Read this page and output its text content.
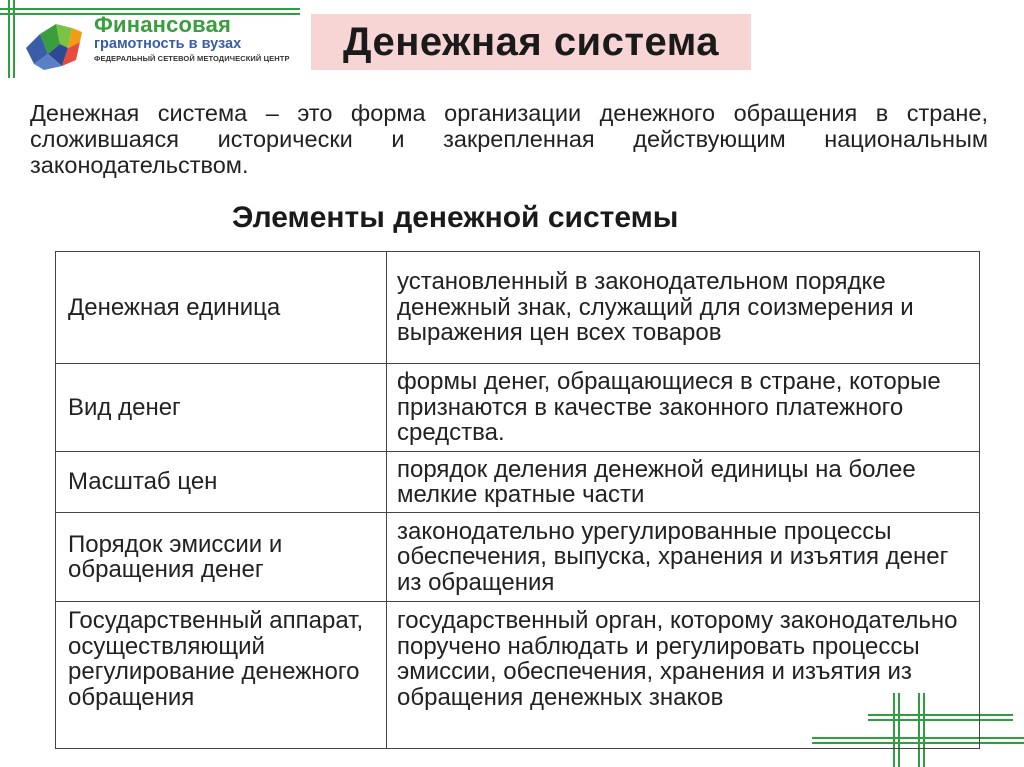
Финансовая
грамотность в вузах
ФЕДЕРАЛЬНЫЙ СЕТЕВОЙ МЕТОДИЧЕСКИЙ ЦЕНТР Денежная система
Денежная система – это форма организации денежного обращения в стране, сложившаяся исторически и закрепленная действующим национальным законодательством.
Элементы денежной системы
Денежная единица	установленный в законодательном порядке денежный знак, служащий для соизмерения и выражения цен всех товаров
Вид денег	формы денег, обращающиеся в стране, которые признаются в качестве законного платежного средства.
Масштаб цен	порядок деления денежной единицы на более мелкие кратные части
Порядок эмиссии и обращения денег	законодательно урегулированные процессы обеспечения, выпуска, хранения и изъятия денег из обращения
Государственный аппарат, осуществляющий регулирование денежного обращения	государственный орган, которому законодательно поручено наблюдать и регулировать процессы эмиссии, обеспечения, хранения и изъятия из обращения денежных знаков
